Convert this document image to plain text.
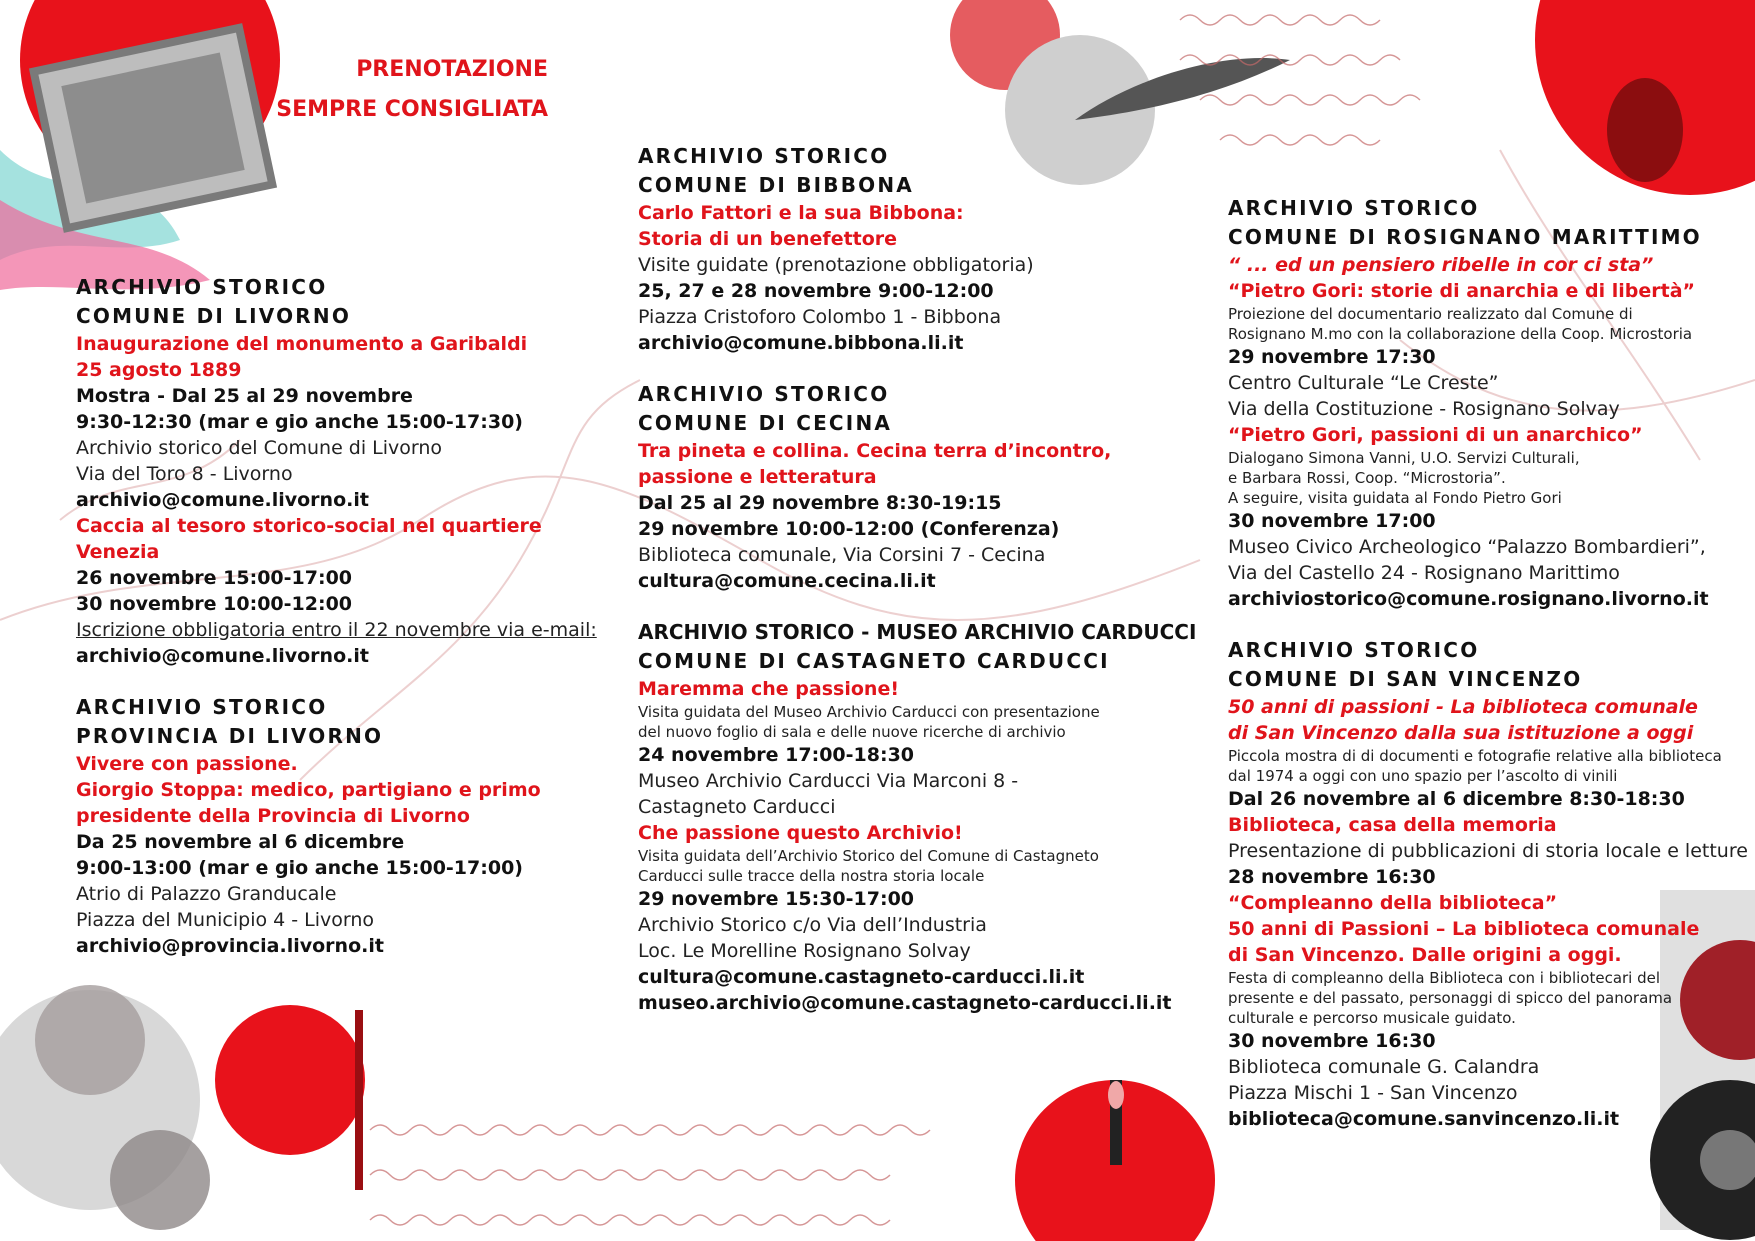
PRENOTAZIONE

SEMPRE CONSIGLIATA

ARCHIVIO STORICO

COMUNE DI LIVORNO

Inaugurazione del monumento a Garibaldi

25 agosto 1889

Mostra - Dal 25 al 29 novembre

9:30-12:30 (mar e gio anche 15:00-17:30)

Archivio storico del Comune di Livorno

Via del Toro 8 - Livorno

archivio@comune.livorno.it

Caccia al tesoro storico-social nel quartiere

Venezia

26 novembre 15:00-17:00

30 novembre 10:00-12:00

Iscrizione obbligatoria entro il 22 novembre via e-mail:

archivio@comune.livorno.it

ARCHIVIO STORICO

PROVINCIA DI LIVORNO

Vivere con passione.

Giorgio Stoppa: medico, partigiano e primo

presidente della Provincia di Livorno

Da 25 novembre al 6 dicembre

9:00-13:00 (mar e gio anche 15:00-17:00)

Atrio di Palazzo Granducale

Piazza del Municipio 4 - Livorno

archivio@provincia.livorno.it

ARCHIVIO STORICO

COMUNE DI BIBBONA

Carlo Fattori e la sua Bibbona:

Storia di un benefettore

Visite guidate (prenotazione obbligatoria)

25, 27 e 28 novembre 9:00-12:00

Piazza Cristoforo Colombo 1 - Bibbona

archivio@comune.bibbona.li.it

ARCHIVIO STORICO

COMUNE DI CECINA

Tra pineta e collina. Cecina terra d’incontro,

passione e letteratura

Dal 25 al 29 novembre 8:30-19:15

29 novembre 10:00-12:00 (Conferenza)

Biblioteca comunale, Via Corsini 7 - Cecina

cultura@comune.cecina.li.it

ARCHIVIO STORICO - MUSEO ARCHIVIO CARDUCCI

COMUNE DI CASTAGNETO CARDUCCI

Maremma che passione!

Visita guidata del Museo Archivio Carducci con presentazione

del nuovo foglio di sala e delle nuove ricerche di archivio

24 novembre 17:00-18:30

Museo Archivio Carducci Via Marconi 8 -

Castagneto Carducci

Che passione questo Archivio!

Visita guidata dell’Archivio Storico del Comune di Castagneto

Carducci sulle tracce della nostra storia locale

29 novembre 15:30-17:00

Archivio Storico c/o Via dell’Industria

Loc. Le Morelline Rosignano Solvay

cultura@comune.castagneto-carducci.li.it

museo.archivio@comune.castagneto-carducci.li.it

ARCHIVIO STORICO

COMUNE DI ROSIGNANO MARITTIMO

“ ... ed un pensiero ribelle in cor ci sta”

“Pietro Gori: storie di anarchia e di libertà”

Proiezione del documentario realizzato dal Comune di

Rosignano M.mo con la collaborazione della Coop. Microstoria

29 novembre 17:30

Centro Culturale “Le Creste”

Via della Costituzione - Rosignano Solvay

“Pietro Gori, passioni di un anarchico”

Dialogano Simona Vanni, U.O. Servizi Culturali,

e Barbara Rossi, Coop. “Microstoria”.

A seguire, visita guidata al Fondo Pietro Gori

30 novembre 17:00

Museo Civico Archeologico “Palazzo Bombardieri”,

Via del Castello 24 - Rosignano Marittimo

archiviostorico@comune.rosignano.livorno.it

ARCHIVIO STORICO

COMUNE DI SAN VINCENZO

50 anni di passioni - La biblioteca comunale

di San Vincenzo dalla sua istituzione a oggi

Piccola mostra di di documenti e fotografie relative alla biblioteca

dal 1974 a oggi con uno spazio per l’ascolto di vinili

Dal 26 novembre al 6 dicembre 8:30-18:30

Biblioteca, casa della memoria

Presentazione di pubblicazioni di storia locale e letture

28 novembre 16:30

“Compleanno della biblioteca”

50 anni di Passioni – La biblioteca comunale

di San Vincenzo. Dalle origini a oggi.

Festa di compleanno della Biblioteca con i bibliotecari del

presente e del passato, personaggi di spicco del panorama

culturale e percorso musicale guidato.

30 novembre 16:30

Biblioteca comunale G. Calandra

Piazza Mischi 1 - San Vincenzo

biblioteca@comune.sanvincenzo.li.it
